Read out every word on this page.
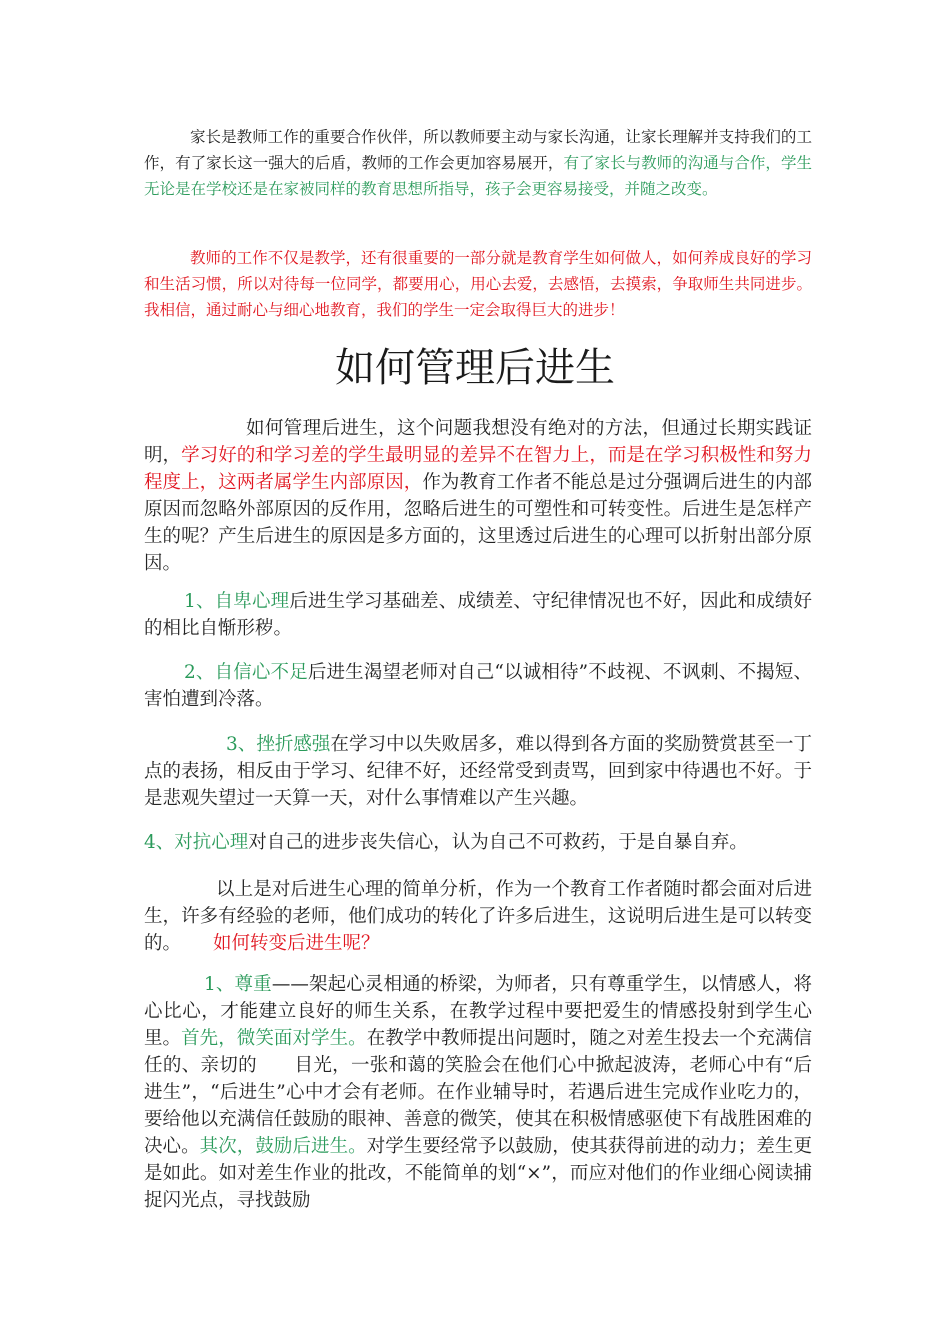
家长是教师工作的重要合作伙伴，所以教师要主动与家长沟通，让家长理解并支持我们的工作，有了家长这一强大的后盾，教师的工作会更加容易展开，有了家长与教师的沟通与合作，学生无论是在学校还是在家被同样的教育思想所指导，孩子会更容易接受，并随之改变。

教师的工作不仅是教学，还有很重要的一部分就是教育学生如何做人，如何养成良好的学习和生活习惯，所以对待每一位同学，都要用心，用心去爱，去感悟，去摸索，争取师生共同进步。我相信，通过耐心与细心地教育，我们的学生一定会取得巨大的进步！

如何管理后进生

如何管理后进生，这个问题我想没有绝对的方法，但通过长期实践证明，学习好的和学习差的学生最明显的差异不在智力上，而是在学习积极性和努力程度上，这两者属学生内部原因，作为教育工作者不能总是过分强调后进生的内部原因而忽略外部原因的反作用，忽略后进生的可塑性和可转变性。后进生是怎样产生的呢？产生后进生的原因是多方面的，这里透过后进生的心理可以折射出部分原因。

1、自卑心理后进生学习基础差、成绩差、守纪律情况也不好，因此和成绩好的相比自惭形秽。

2、自信心不足后进生渴望老师对自己“以诚相待”不歧视、不讽刺、不揭短、害怕遭到冷落。

3、挫折感强在学习中以失败居多，难以得到各方面的奖励赞赏甚至一丁点的表扬，相反由于学习、纪律不好，还经常受到责骂，回到家中待遇也不好。于是悲观失望过一天算一天，对什么事情难以产生兴趣。

4、对抗心理对自己的进步丧失信心，认为自己不可救药，于是自暴自弃。

以上是对后进生心理的简单分析，作为一个教育工作者随时都会面对后进生，许多有经验的老师，他们成功的转化了许多后进生，这说明后进生是可以转变的。 如何转变后进生呢？

1、尊重——架起心灵相通的桥梁，为师者，只有尊重学生，以情感人，将心比心，才能建立良好的师生关系，在教学过程中要把爱生的情感投射到学生心里。首先，微笑面对学生。在教学中教师提出问题时，随之对差生投去一个充满信任的、亲切的　　目光，一张和蔼的笑脸会在他们心中掀起波涛，老师心中有“后进生”，“后进生”心中才会有老师。在作业辅导时，若遇后进生完成作业吃力的，要给他以充满信任鼓励的眼神、善意的微笑，使其在积极情感驱使下有战胜困难的决心。其次，鼓励后进生。对学生要经常予以鼓励，使其获得前进的动力；差生更是如此。如对差生作业的批改，不能简单的划“×”，而应对他们的作业细心阅读捕捉闪光点，寻找鼓励
